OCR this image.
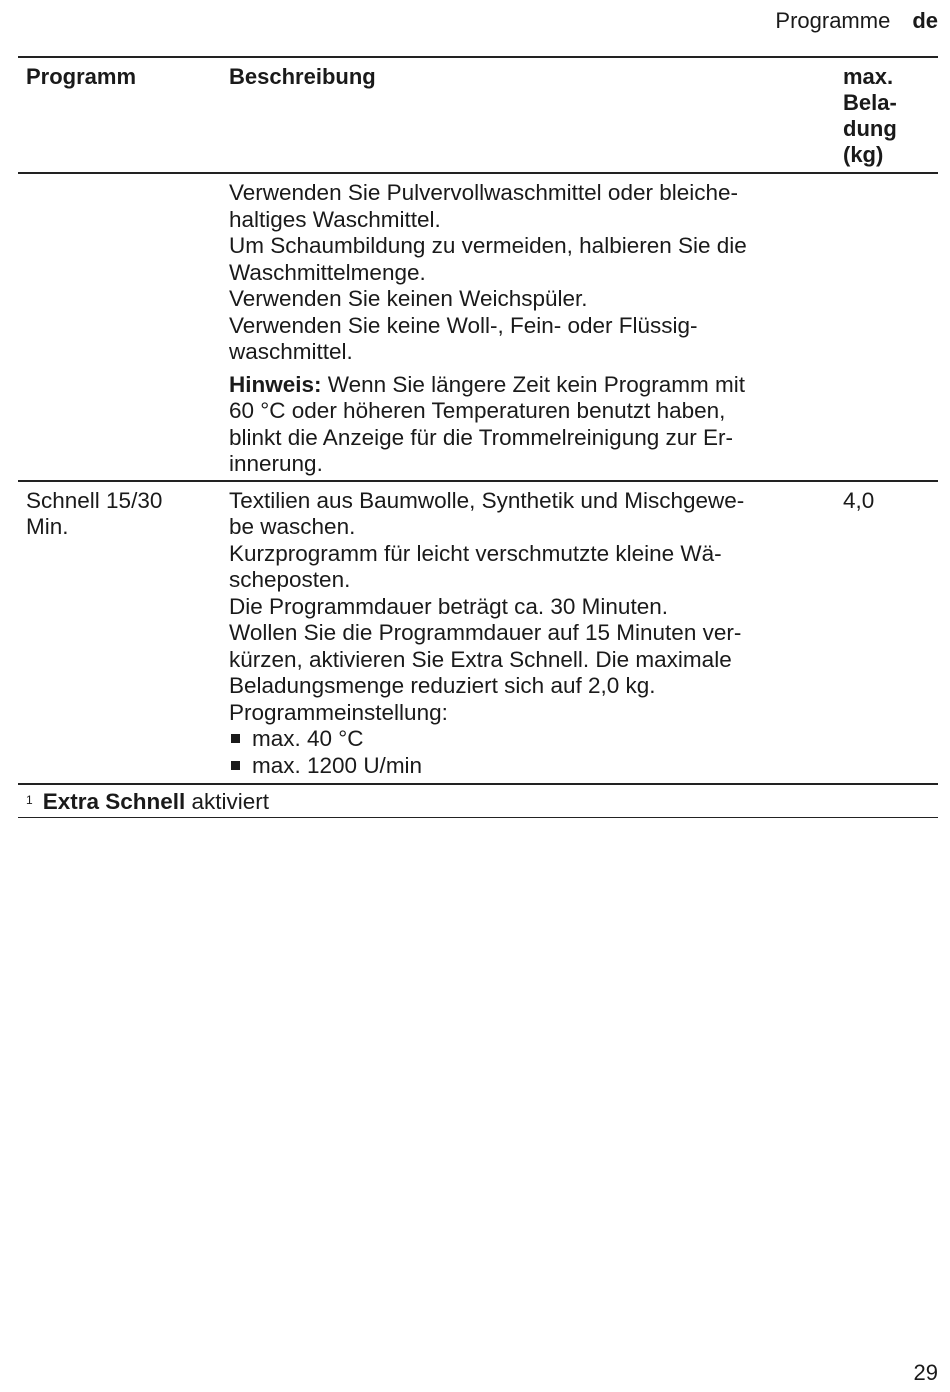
Programme de
Programm	Beschreibung	max.
Bela-
dung
(kg)

Verwenden Sie Pulvervollwaschmittel oder bleiche-

haltiges Waschmittel.

Um Schaumbildung zu vermeiden, halbieren Sie die

Waschmittelmenge.

Verwenden Sie keinen Weichspüler.

Verwenden Sie keine Woll-, Fein- oder Flüssig-

waschmittel.

Hinweis: Wenn Sie längere Zeit kein Programm mit

60 °C oder höheren Temperaturen benutzt haben,

blinkt die Anzeige für die Trommelreinigung zur Er-

innerung.

Schnell 15/30
Min.

Textilien aus Baumwolle, Synthetik und Mischgewe-

be waschen.

Kurzprogramm für leicht verschmutzte kleine Wä-

scheposten.

Die Programmdauer beträgt ca. 30 Minuten.

Wollen Sie die Programmdauer auf 15 Minuten ver-

kürzen, aktivieren Sie Extra Schnell. Die maximale

Beladungsmenge reduziert sich auf 2,0 kg.

Programmeinstellung:

max. 40 °C
max. 1200 U/min
4,0
$^1$ Extra Schnell aktiviert
29
